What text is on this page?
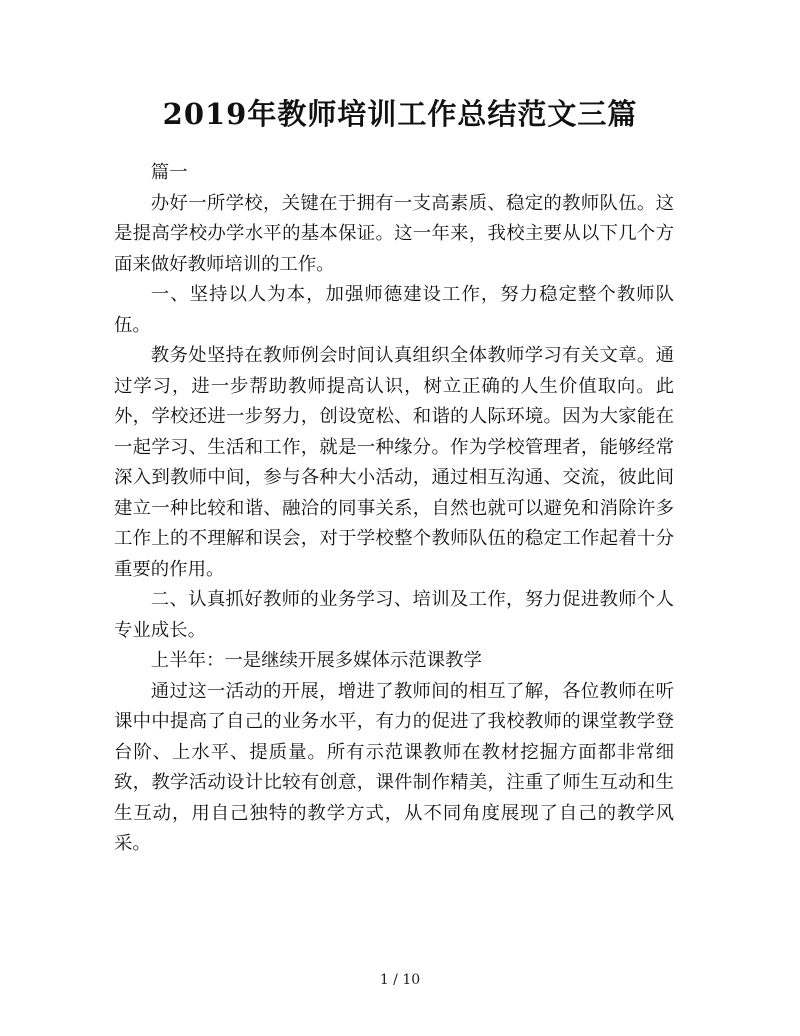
2019年教师培训工作总结范文三篇

篇一

办好一所学校，关键在于拥有一支高素质、稳定的教师队伍。这是提高学校办学水平的基本保证。这一年来，我校主要从以下几个方面来做好教师培训的工作。

一、坚持以人为本，加强师德建设工作，努力稳定整个教师队伍。

教务处坚持在教师例会时间认真组织全体教师学习有关文章。通过学习，进一步帮助教师提高认识，树立正确的人生价值取向。此外，学校还进一步努力，创设宽松、和谐的人际环境。因为大家能在一起学习、生活和工作，就是一种缘分。作为学校管理者，能够经常深入到教师中间，参与各种大小活动，通过相互沟通、交流，彼此间建立一种比较和谐、融洽的同事关系，自然也就可以避免和消除许多工作上的不理解和误会，对于学校整个教师队伍的稳定工作起着十分重要的作用。

二、认真抓好教师的业务学习、培训及工作，努力促进教师个人专业成长。

上半年：一是继续开展多媒体示范课教学

通过这一活动的开展，增进了教师间的相互了解，各位教师在听课中中提高了自己的业务水平，有力的促进了我校教师的课堂教学登台阶、上水平、提质量。所有示范课教师在教材挖掘方面都非常细致，教学活动设计比较有创意，课件制作精美，注重了师生互动和生生互动，用自己独特的教学方式，从不同角度展现了自己的教学风采。

1 / 10
